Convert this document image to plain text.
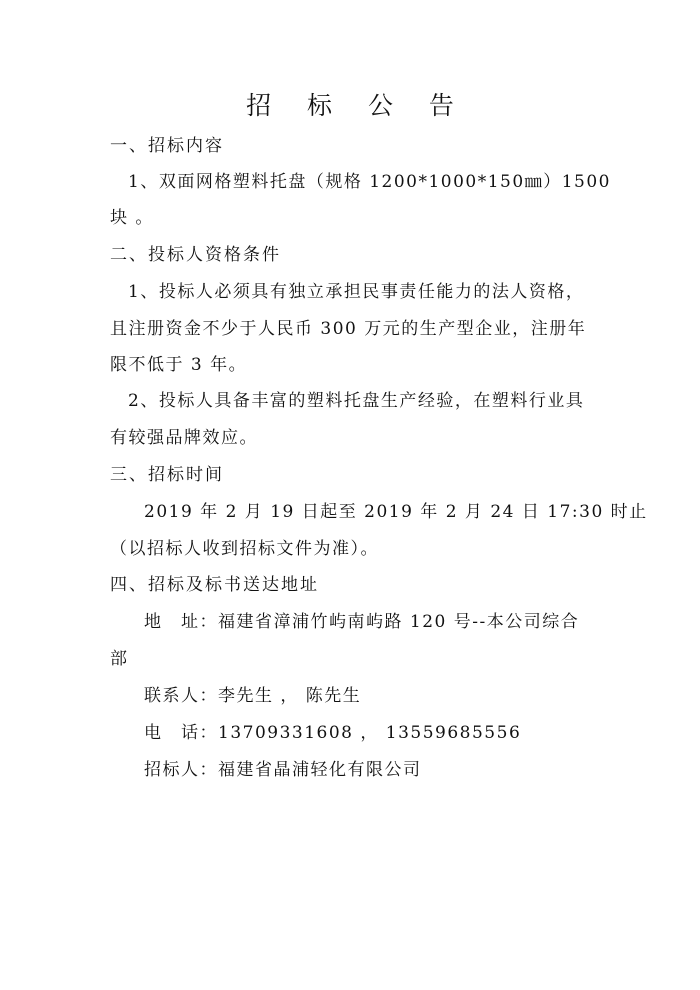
招 标 公 告
一、招标内容
1、双面网格塑料托盘（规格 1200*1000*150㎜）1500
块 。
二、投标人资格条件
1、投标人必须具有独立承担民事责任能力的法人资格，
且注册资金不少于人民币 300 万元的生产型企业，注册年
限不低于 3 年。
2、投标人具备丰富的塑料托盘生产经验，在塑料行业具
有较强品牌效应。
三、招标时间
2019 年 2 月 19 日起至 2019 年 2 月 24 日 17:30 时止
（以招标人收到招标文件为准）。
四、招标及标书送达地址
地　址：福建省漳浦竹屿南屿路 120 号--本公司综合
部
联系人：李先生 ， 陈先生
电　话：13709331608 ， 13559685556
招标人：福建省晶浦轻化有限公司
